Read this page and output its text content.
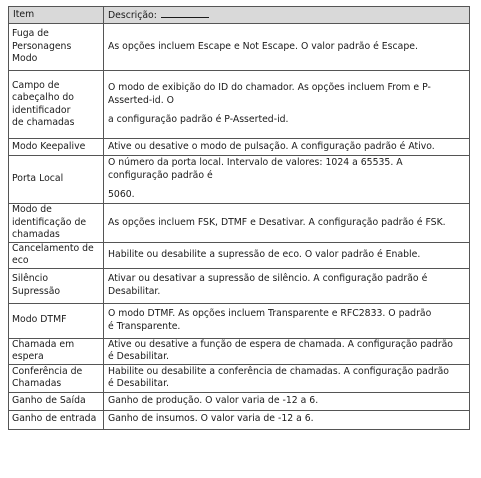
Item	Descrição:

Fuga de
Personagens
Modo	As opções incluem Escape e Not Escape. O valor padrão é Escape.

Campo de
cabeçalho do
identificador
de chamadas	O modo de exibição do ID do chamador. As opções incluem From e P-
Asserted-id. O
a configuração padrão é P-Asserted-id.

Modo Keepalive	Ative ou desative o modo de pulsação. A configuração padrão é Ativo.

Porta Local	O número da porta local. Intervalo de valores: 1024 a 65535. A
configuração padrão é
5060.

Modo de
identificação de
chamadas	As opções incluem FSK, DTMF e Desativar. A configuração padrão é FSK.

Cancelamento de
eco	Habilite ou desabilite a supressão de eco. O valor padrão é Enable.

Silêncio
Supressão	Ativar ou desativar a supressão de silêncio. A configuração padrão é
Desabilitar.

Modo DTMF	O modo DTMF. As opções incluem Transparente e RFC2833. O padrão
é Transparente.

Chamada em
espera	Ative ou desative a função de espera de chamada. A configuração padrão
é Desabilitar.

Conferência de
Chamadas	Habilite ou desabilite a conferência de chamadas. A configuração padrão
é Desabilitar.

Ganho de Saída	Ganho de produção. O valor varia de -12 a 6.

Ganho de entrada	Ganho de insumos. O valor varia de -12 a 6.
